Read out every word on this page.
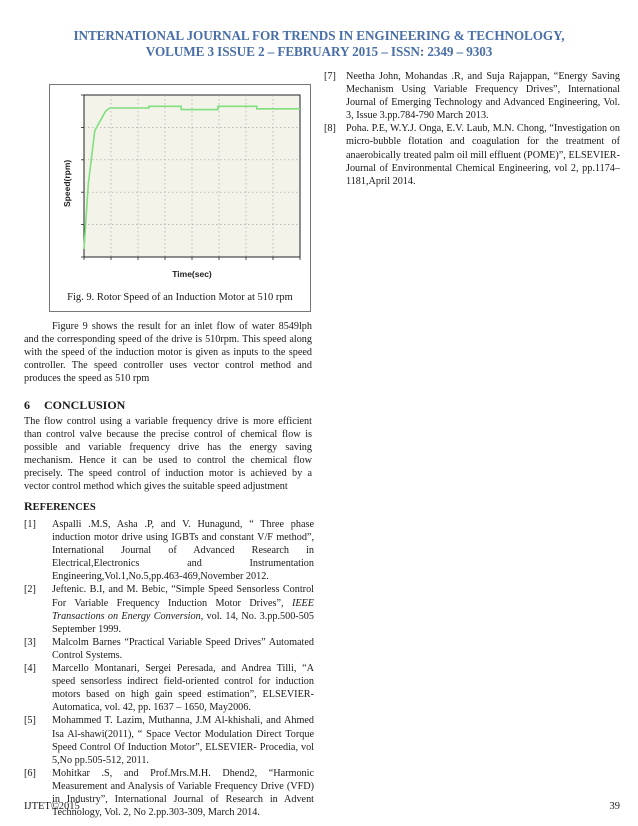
INTERNATIONAL JOURNAL FOR TRENDS IN ENGINEERING & TECHNOLOGY,
VOLUME 3 ISSUE 2 – FEBRUARY 2015 – ISSN: 2349 – 9303
Speed(rpm)
Time(sec)
Fig. 9. Rotor Speed of an Induction Motor at 510 rpm
Figure 9 shows the result for an inlet flow of water 8549lph and the corresponding speed of the drive is 510rpm. This speed along with the speed of the induction motor is given as inputs to the speed controller. The speed controller uses vector control method and produces the speed as 510 rpm
6 CONCLUSION
The flow control using a variable frequency drive is more efficient than control valve because the precise control of chemical flow is possible and variable frequency drive has the energy saving mechanism. Hence it can be used to control the chemical flow precisely. The speed control of induction motor is achieved by a vector control method which gives the suitable speed adjustment
REFERENCES
[1]	Aspalli .M.S, Asha .P, and V. Hunagund, “ Three phase induction motor drive using IGBTs and constant V/F method”, International Journal of Advanced Research in Electrical,Electronics and Instrumentation Engineering,Vol.1,No.5,pp.463-469,November 2012.
[2]	Jeftenic. B.I, and M. Bebic, “Simple Speed Sensorless Control For Variable Frequency Induction Motor Drives”, IEEE Transactions on Energy Conversion, vol. 14, No. 3.pp.500-505 September 1999.
[3]	Malcolm Barnes “Practical Variable Speed Drives” Automated Control Systems.
[4]	Marcello Montanari, Sergei Peresada, and Andrea Tilli, “A speed sensorless indirect field-oriented control for induction motors based on high gain speed estimation”, ELSEVIER-Automatica, vol. 42, pp. 1637 – 1650, May2006.
[5]	Mohammed T. Lazim, Muthanna, J.M Al-khishali, and Ahmed Isa Al-shawi(2011), “ Space Vector Modulation Direct Torque Speed Control Of Induction Motor”, ELSEVIER- Procedia, vol 5,No pp.505-512, 2011.
[6]	Mohitkar .S, and Prof.Mrs.M.H. Dhend2, “Harmonic Measurement and Analysis of Variable Frequency Drive (VFD) in Industry”, International Journal of Research in Advent Technology, Vol. 2, No 2.pp.303-309, March 2014.
[7] Neetha John, Mohandas .R, and Suja Rajappan, “Energy Saving Mechanism Using Variable Frequency Drives”, International Journal of Emerging Technology and Advanced Engineering, Vol. 3, Issue 3.pp.784-790 March 2013.
[8] Poha. P.E, W.Y.J. Onga, E.V. Laub, M.N. Chong, “Investigation on micro-bubble flotation and coagulation for the treatment of anaerobically treated palm oil mill effluent (POME)”, ELSEVIER-Journal of Environmental Chemical Engineering, vol 2, pp.1174–1181,April 2014.
IJTET©2015	39
